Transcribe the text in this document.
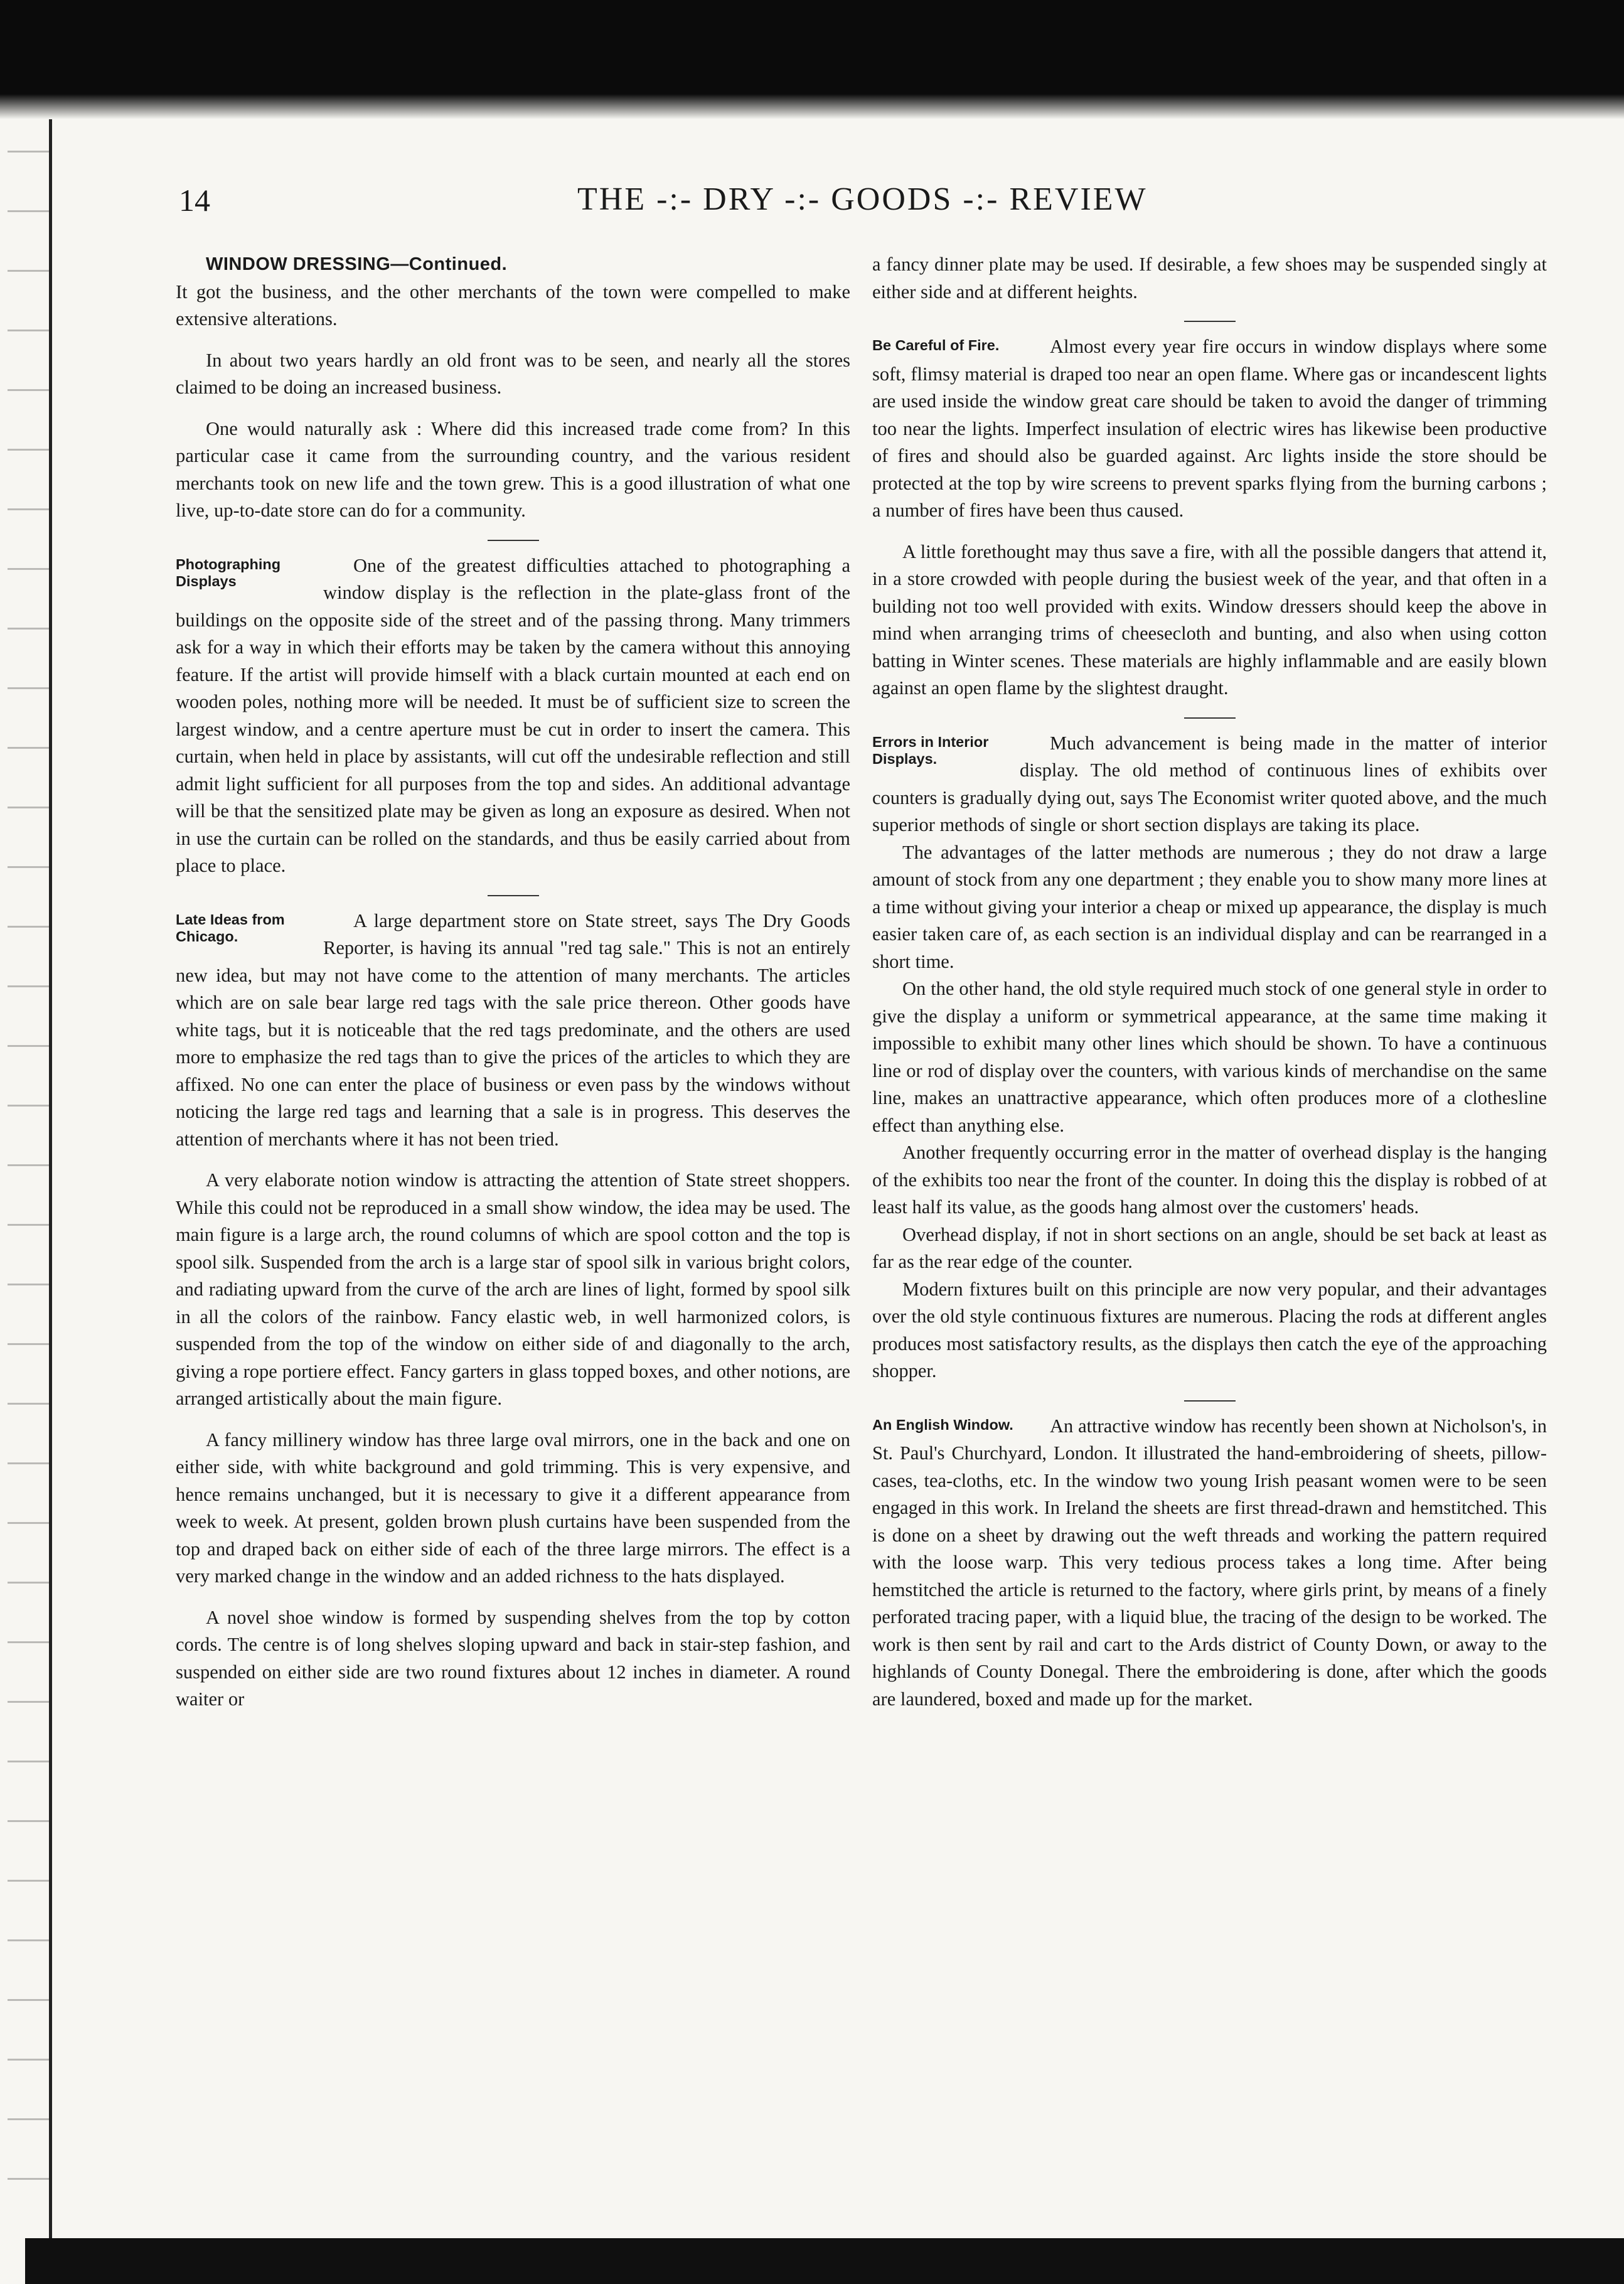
14	THE -:- DRY -:- GOODS -:- REVIEW

WINDOW DRESSING—Continued.

It got the business, and the other merchants of the town were compelled to make extensive alterations.

In about two years hardly an old front was to be seen, and nearly all the stores claimed to be doing an increased business.

One would naturally ask : Where did this increased trade come from? In this particular case it came from the surrounding country, and the various resident merchants took on new life and the town grew. This is a good illustration of what one live, up-to-date store can do for a community.

Photographing Displays

One of the greatest difficulties attached to photographing a window display is the reflection in the plate-glass front of the buildings on the opposite side of the street and of the passing throng. Many trimmers ask for a way in which their efforts may be taken by the camera without this annoying feature. If the artist will provide himself with a black curtain mounted at each end on wooden poles, nothing more will be needed. It must be of sufficient size to screen the largest window, and a centre aperture must be cut in order to insert the camera. This curtain, when held in place by assistants, will cut off the undesirable reflection and still admit light sufficient for all purposes from the top and sides. An additional advantage will be that the sensitized plate may be given as long an exposure as desired. When not in use the curtain can be rolled on the standards, and thus be easily carried about from place to place.

Late Ideas from Chicago.

A large department store on State street, says The Dry Goods Reporter, is having its annual "red tag sale." This is not an entirely new idea, but may not have come to the attention of many merchants. The articles which are on sale bear large red tags with the sale price thereon. Other goods have white tags, but it is noticeable that the red tags predominate, and the others are used more to emphasize the red tags than to give the prices of the articles to which they are affixed. No one can enter the place of business or even pass by the windows without noticing the large red tags and learning that a sale is in progress. This deserves the attention of merchants where it has not been tried.

A very elaborate notion window is attracting the attention of State street shoppers. While this could not be reproduced in a small show window, the idea may be used. The main figure is a large arch, the round columns of which are spool cotton and the top is spool silk. Suspended from the arch is a large star of spool silk in various bright colors, and radiating upward from the curve of the arch are lines of light, formed by spool silk in all the colors of the rainbow. Fancy elastic web, in well harmonized colors, is suspended from the top of the window on either side of and diagonally to the arch, giving a rope portiere effect. Fancy garters in glass topped boxes, and other notions, are arranged artistically about the main figure.

A fancy millinery window has three large oval mirrors, one in the back and one on either side, with white background and gold trimming. This is very expensive, and hence remains unchanged, but it is necessary to give it a different appearance from week to week. At present, golden brown plush curtains have been suspended from the top and draped back on either side of each of the three large mirrors. The effect is a very marked change in the window and an added richness to the hats displayed.

A novel shoe window is formed by suspending shelves from the top by cotton cords. The centre is of long shelves sloping upward and back in stair-step fashion, and suspended on either side are two round fixtures about 12 inches in diameter. A round waiter or

a fancy dinner plate may be used. If desirable, a few shoes may be suspended singly at either side and at different heights.

Be Careful of Fire.	Almost every year fire occurs in window displays where some soft, flimsy material is draped too near an open flame. Where gas or incandescent lights are used inside the window great care should be taken to avoid the danger of trimming too near the lights. Imperfect insulation of electric wires has likewise been productive of fires and should also be guarded against. Arc lights inside the store should be protected at the top by wire screens to prevent sparks flying from the burning carbons ; a number of fires have been thus caused.

A little forethought may thus save a fire, with all the possible dangers that attend it, in a store crowded with people during the busiest week of the year, and that often in a building not too well provided with exits. Window dressers should keep the above in mind when arranging trims of cheesecloth and bunting, and also when using cotton batting in Winter scenes. These materials are highly inflammable and are easily blown against an open flame by the slightest draught.

Errors in Interior Displays.

Much advancement is being made in the matter of interior display. The old method of continuous lines of exhibits over counters is gradually dying out, says The Economist writer quoted above, and the much superior methods of single or short section displays are taking its place.

The advantages of the latter methods are numerous ; they do not draw a large amount of stock from any one department ; they enable you to show many more lines at a time without giving your interior a cheap or mixed up appearance, the display is much easier taken care of, as each section is an individual display and can be rearranged in a short time.

On the other hand, the old style required much stock of one general style in order to give the display a uniform or symmetrical appearance, at the same time making it impossible to exhibit many other lines which should be shown. To have a continuous line or rod of display over the counters, with various kinds of merchandise on the same line, makes an unattractive appearance, which often produces more of a clothesline effect than anything else.

Another frequently occurring error in the matter of overhead display is the hanging of the exhibits too near the front of the counter. In doing this the display is robbed of at least half its value, as the goods hang almost over the customers' heads.

Overhead display, if not in short sections on an angle, should be set back at least as far as the rear edge of the counter.

Modern fixtures built on this principle are now very popular, and their advantages over the old style continuous fixtures are numerous. Placing the rods at different angles produces most satisfactory results, as the displays then catch the eye of the approaching shopper.

An English Window.	An attractive window has recently been shown at Nicholson's, in St. Paul's Churchyard, London. It illustrated the hand-embroidering of sheets, pillow-cases, tea-cloths, etc. In the window two young Irish peasant women were to be seen engaged in this work. In Ireland the sheets are first thread-drawn and hemstitched. This is done on a sheet by drawing out the weft threads and working the pattern required with the loose warp. This very tedious process takes a long time. After being hemstitched the article is returned to the factory, where girls print, by means of a finely perforated tracing paper, with a liquid blue, the tracing of the design to be worked. The work is then sent by rail and cart to the Ards district of County Down, or away to the highlands of County Donegal. There the embroidering is done, after which the goods are laundered, boxed and made up for the market.
